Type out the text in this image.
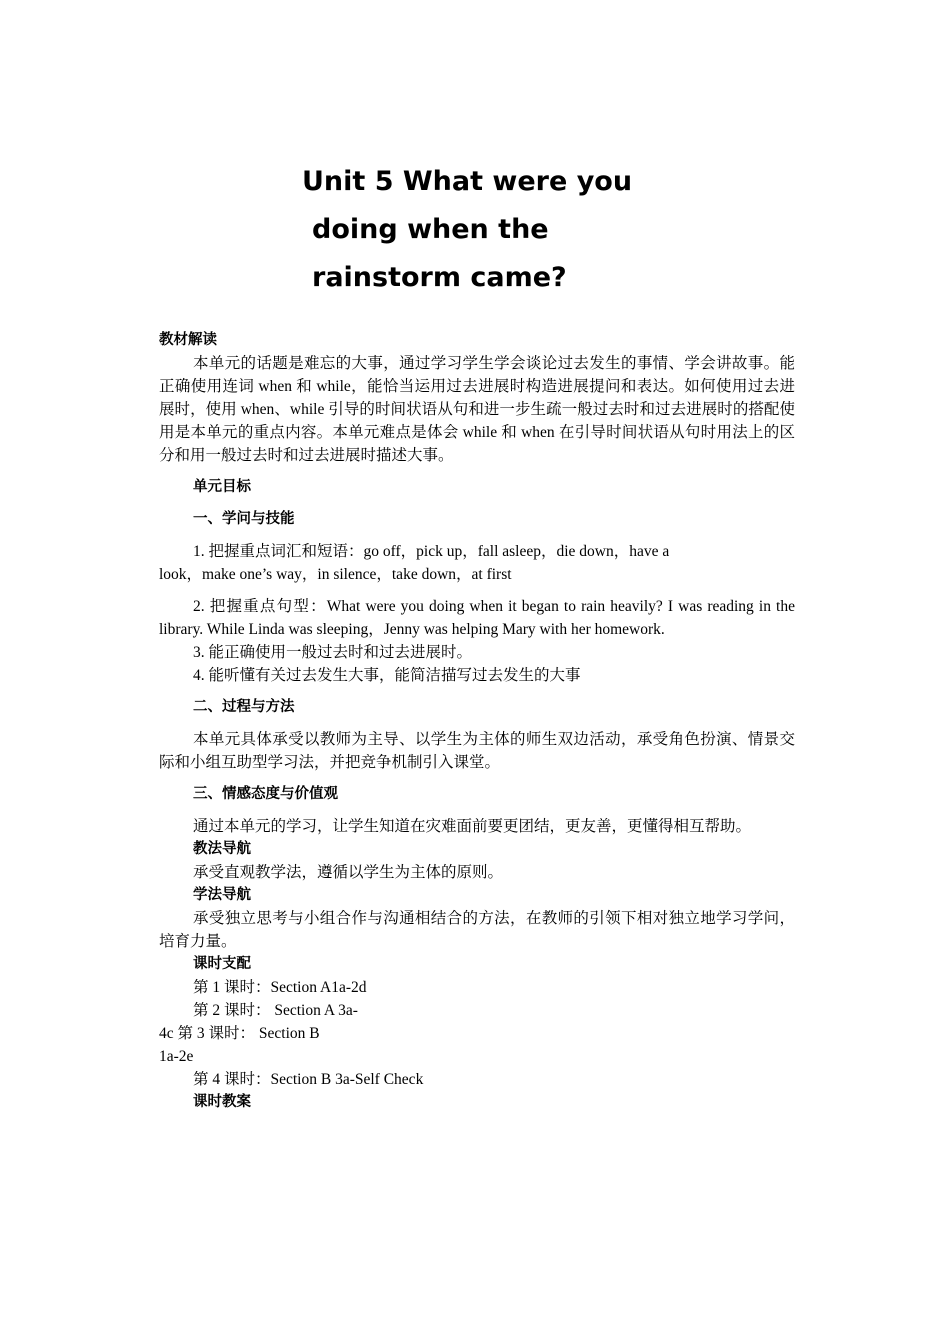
Unit 5 What were you
doing when the
rainstorm came?
教材解读
本单元的话题是难忘的大事，通过学习学生学会谈论过去发生的事情、学会讲故事。能正确使用连词 when 和 while，能恰当运用过去进展时构造进展提问和表达。如何使用过去进展时，使用 when、while 引导的时间状语从句和进一步生疏一般过去时和过去进展时的搭配使用是本单元的重点内容。本单元难点是体会 while 和 when 在引导时间状语从句时用法上的区分和用一般过去时和过去进展时描述大事。
单元目标
一、学问与技能
1. 把握重点词汇和短语：go off，pick up，fall asleep，die down，have a
look，make one’s way，in silence，take down，at first
2. 把握重点句型：What were you doing when it began to rain heavily? I was reading in the library. While Linda was sleeping，Jenny was helping Mary with her homework.
3. 能正确使用一般过去时和过去进展时。
4. 能听懂有关过去发生大事，能简洁描写过去发生的大事
二、过程与方法
本单元具体承受以教师为主导、以学生为主体的师生双边活动，承受角色扮演、情景交际和小组互助型学习法，并把竞争机制引入课堂。
三、情感态度与价值观
通过本单元的学习，让学生知道在灾难面前要更团结，更友善，更懂得相互帮助。
教法导航
承受直观教学法，遵循以学生为主体的原则。
学法导航
承受独立思考与小组合作与沟通相结合的方法，在教师的引领下相对独立地学习学问，培育力量。
课时支配
第 1 课时：Section A1a-2d
第 2 课时： Section A 3a-
4c 第 3 课时： Section B
1a-2e
第 4 课时：Section B 3a-Self Check
课时教案
